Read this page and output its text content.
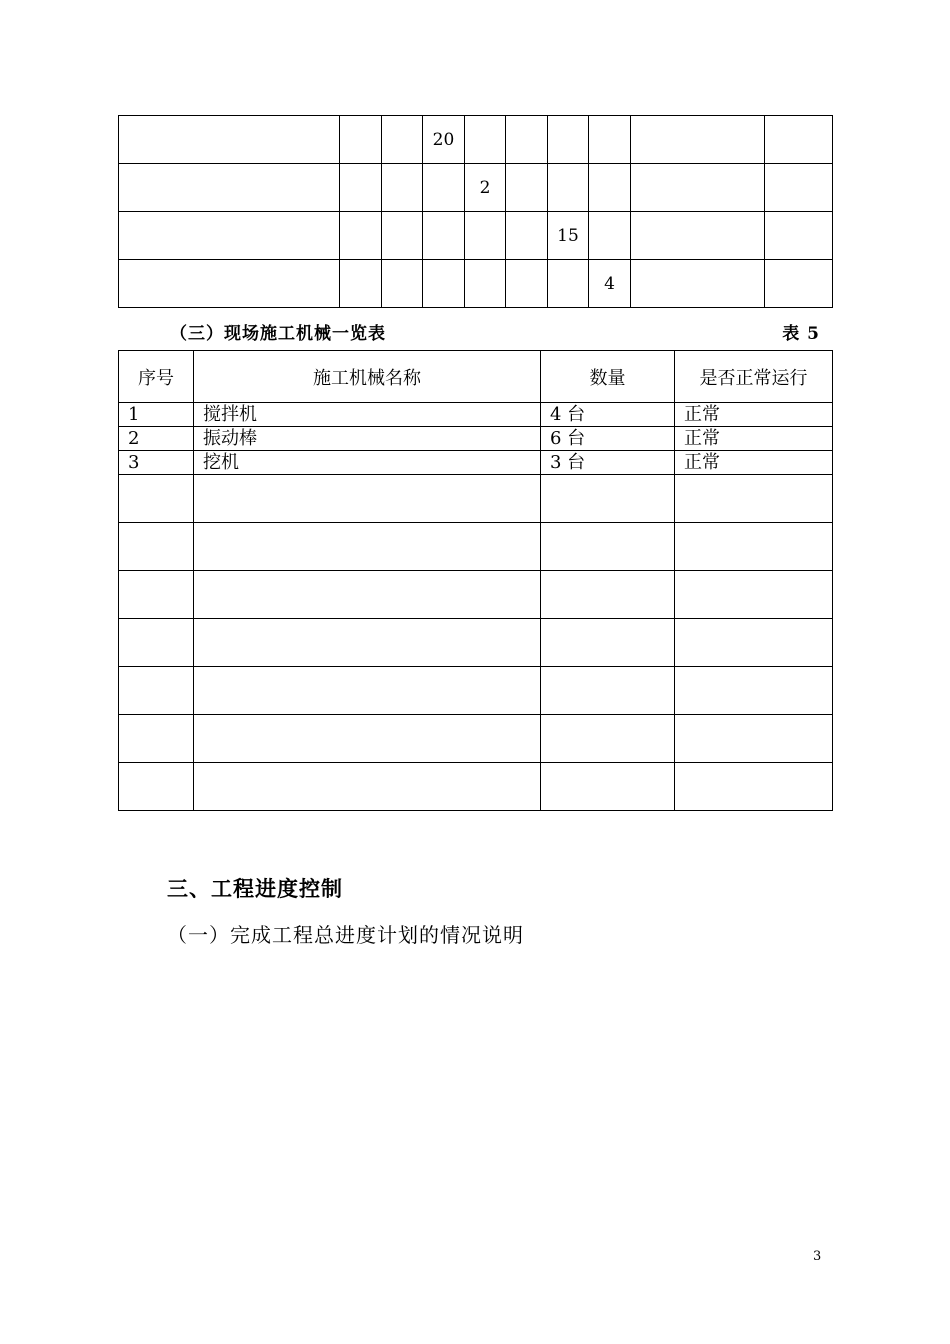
			20						
				2					
						15			
							4		
（三）现场施工机械一览表	表 5
序号	施工机械名称	数量	是否正常运行
1	搅拌机	4 台	正常
2	振动棒	6 台	正常
3	挖机	3 台	正常

三、工程进度控制
（一）完成工程总进度计划的情况说明
3
